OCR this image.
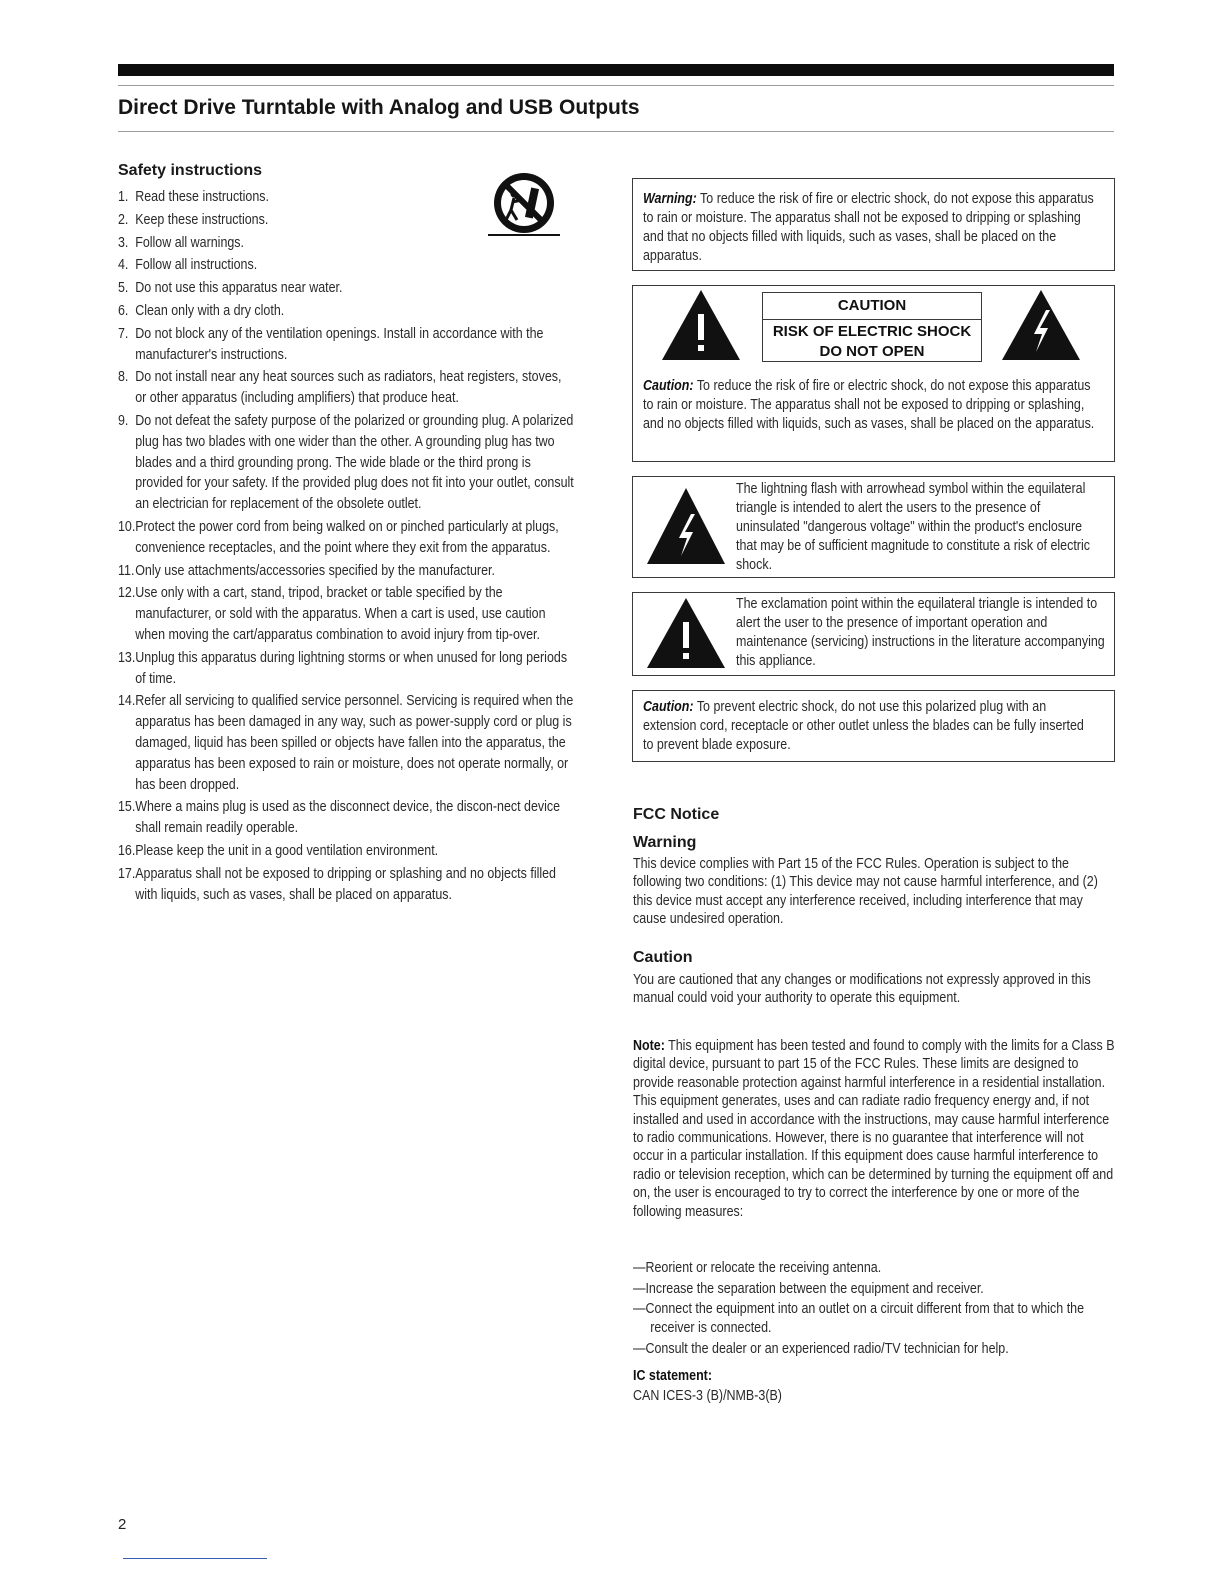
Direct Drive Turntable with Analog and USB Outputs
Safety instructions
1. Read these instructions.
2. Keep these instructions.
3. Follow all warnings.
4. Follow all instructions.
5. Do not use this apparatus near water.
6. Clean only with a dry cloth.
7. Do not block any of the ventilation openings. Install in accordance with the manufacturer's instructions.
8. Do not install near any heat sources such as radiators, heat registers, stoves, or other apparatus (including amplifiers) that produce heat.
9. Do not defeat the safety purpose of the polarized or grounding plug. A polarized plug has two blades with one wider than the other. A grounding plug has two blades and a third grounding prong. The wide blade or the third prong is provided for your safety. If the provided plug does not fit into your outlet, consult an electrician for replacement of the obsolete outlet.
10. Protect the power cord from being walked on or pinched particularly at plugs, convenience receptacles, and the point where they exit from the apparatus.
11. Only use attachments/accessories specified by the manufacturer.
12. Use only with a cart, stand, tripod, bracket or table specified by the manufacturer, or sold with the apparatus. When a cart is used, use caution when moving the cart/apparatus combination to avoid injury from tip-over.
13. Unplug this apparatus during lightning storms or when unused for long periods of time.
14. Refer all servicing to qualified service personnel. Servicing is required when the apparatus has been damaged in any way, such as power-supply cord or plug is damaged, liquid has been spilled or objects have fallen into the apparatus, the apparatus has been exposed to rain or moisture, does not operate normally, or has been dropped.
15. Where a mains plug is used as the disconnect device, the discon-nect device shall remain readily operable.
16. Please keep the unit in a good ventilation environment.
17. Apparatus shall not be exposed to dripping or splashing and no objects filled with liquids, such as vases, shall be placed on apparatus.
Warning: To reduce the risk of fire or electric shock, do not expose this apparatus to rain or moisture. The apparatus shall not be exposed to dripping or splashing and that no objects filled with liquids, such as vases, shall be placed on the apparatus.
CAUTION
RISK OF ELECTRIC SHOCK
DO NOT OPEN
Caution: To reduce the risk of fire or electric shock, do not expose this apparatus to rain or moisture. The apparatus shall not be exposed to dripping or splashing, and no objects filled with liquids, such as vases, shall be placed on the apparatus.
The lightning flash with arrowhead symbol within the equilateral triangle is intended to alert the users to the presence of uninsulated "dangerous voltage" within the product's enclosure that may be of sufficient magnitude to constitute a risk of electric shock.
The exclamation point within the equilateral triangle is intended to alert the user to the presence of important operation and maintenance (servicing) instructions in the literature accompanying this appliance.
Caution: To prevent electric shock, do not use this polarized plug with an extension cord, receptacle or other outlet unless the blades can be fully inserted to prevent blade exposure.
FCC Notice
Warning
This device complies with Part 15 of the FCC Rules. Operation is subject to the following two conditions: (1) This device may not cause harmful interference, and (2) this device must accept any interference received, including interference that may cause undesired operation.
Caution
You are cautioned that any changes or modifications not expressly approved in this manual could void your authority to operate this equipment.
Note: This equipment has been tested and found to comply with the limits for a Class B digital device, pursuant to part 15 of the FCC Rules. These limits are designed to provide reasonable protection against harmful interference in a residential installation. This equipment generates, uses and can radiate radio frequency energy and, if not installed and used in accordance with the instructions, may cause harmful interference to radio communications. However, there is no guarantee that interference will not occur in a particular installation. If this equipment does cause harmful interference to radio or television reception, which can be determined by turning the equipment off and on, the user is encouraged to try to correct the interference by one or more of the following measures:
—Reorient or relocate the receiving antenna.
—Increase the separation between the equipment and receiver.
—Connect the equipment into an outlet on a circuit different from that to which the receiver is connected.
—Consult the dealer or an experienced radio/TV technician for help.
IC statement:
CAN ICES-3 (B)/NMB-3(B)
2
